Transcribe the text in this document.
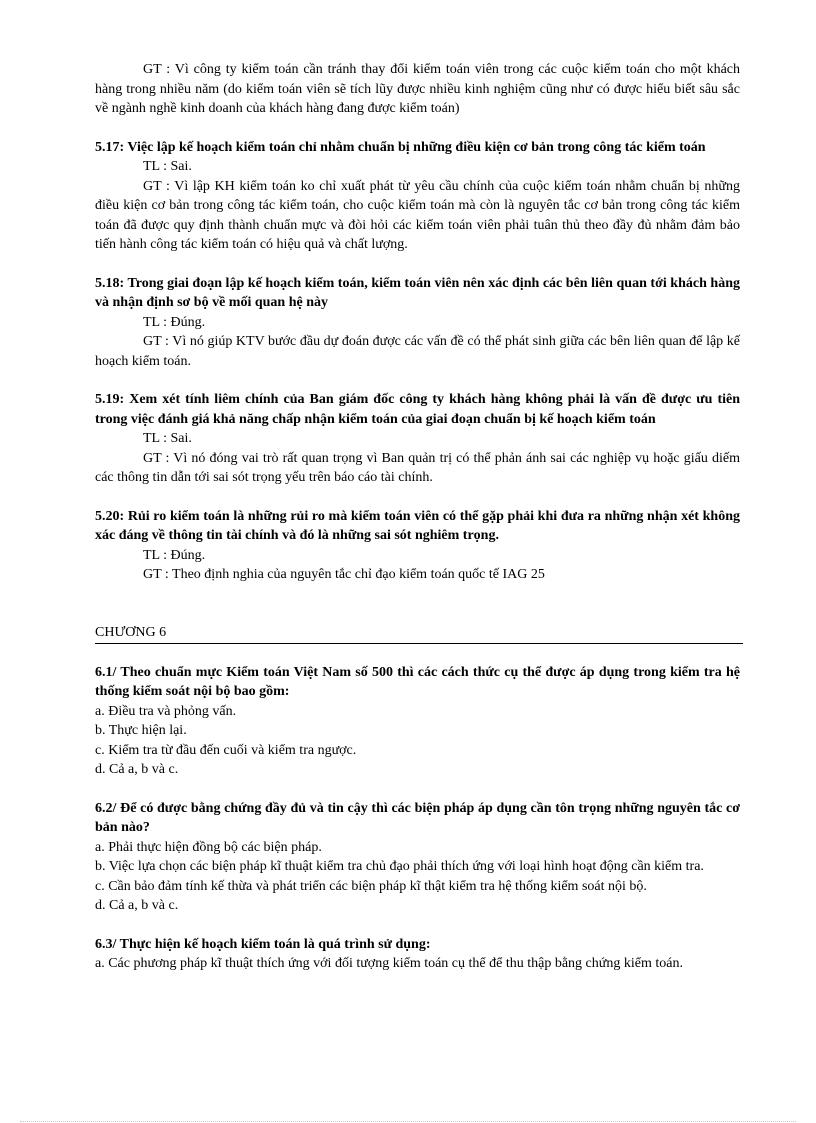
GT : Vì công ty kiểm toán cần tránh thay đổi kiểm toán viên trong các cuộc kiểm toán cho một khách hàng trong nhiều năm (do kiểm toán viên sẽ tích lũy được nhiều kinh nghiệm cũng như có được hiểu biết sâu sắc về ngành nghề kinh doanh của khách hàng đang được kiểm toán)

5.17: Việc lập kế hoạch kiểm toán chỉ nhằm chuẩn bị những điều kiện cơ bản trong công tác kiểm toán

TL : Sai.

GT : Vì lập KH kiểm toán ko chỉ xuất phát từ yêu cầu chính của cuộc kiểm toán nhằm chuẩn bị những điều kiện cơ bản trong công tác kiểm toán, cho cuộc kiểm toán mà còn là nguyên tắc cơ bản trong công tác kiểm toán đã được quy định thành chuẩn mực và đòi hỏi các kiểm toán viên phải tuân thủ theo đầy đủ nhằm đảm bảo tiến hành công tác kiểm toán có hiệu quả và chất lượng.

5.18: Trong giai đoạn lập kế hoạch kiểm toán, kiểm toán viên nên xác định các bên liên quan tới khách hàng và nhận định sơ bộ về mối quan hệ này

TL : Đúng.

GT : Vì nó giúp KTV bước đầu dự đoán được các vấn đề có thể phát sinh giữa các bên liên quan để lập kế hoạch kiểm toán.

5.19: Xem xét tính liêm chính của Ban giám đốc công ty khách hàng không phải là vấn đề được ưu tiên trong việc đánh giá khả năng chấp nhận kiểm toán của giai đoạn chuẩn bị kế hoạch kiểm toán

TL : Sai.

GT : Vì nó đóng vai trò rất quan trọng vì Ban quản trị có thể phản ánh sai các nghiệp vụ hoặc giấu diếm các thông tin dẫn tới sai sót trọng yếu trên báo cáo tài chính.

5.20: Rủi ro kiểm toán là những rủi ro mà kiểm toán viên có thể gặp phải khi đưa ra những nhận xét không xác đáng về thông tin tài chính và đó là những sai sót nghiêm trọng.

TL : Đúng.

GT : Theo định nghia của nguyên tắc chỉ đạo kiểm toán quốc tế IAG 25

CHƯƠNG 6

6.1/ Theo chuẩn mực Kiểm toán Việt Nam số 500 thì các cách thức cụ thể được áp dụng trong kiểm tra hệ thống kiểm soát nội bộ bao gồm:

a. Điều tra và phỏng vấn.

b. Thực hiện lại.

c. Kiểm tra từ đầu đến cuối và kiểm tra ngược.

d. Cả a, b và c.

6.2/ Để có được bằng chứng đầy đủ và tin cậy thì các biện pháp áp dụng cần tôn trọng những nguyên tắc cơ bản nào?

a. Phải thực hiện đồng bộ các biện pháp.

b. Việc lựa chọn các biện pháp kĩ thuật kiểm tra chủ đạo phải thích ứng với loại hình hoạt động cần kiểm tra.

c. Cần bảo đảm tính kế thừa và phát triển các biện pháp kĩ thật kiểm tra hệ thống kiểm soát nội bộ.

d. Cả a, b và c.

6.3/ Thực hiện kế hoạch kiểm toán là quá trình sử dụng:

a. Các phương pháp kĩ thuật thích ứng với đối tượng kiểm toán cụ thể để thu thập bằng chứng kiểm toán.
